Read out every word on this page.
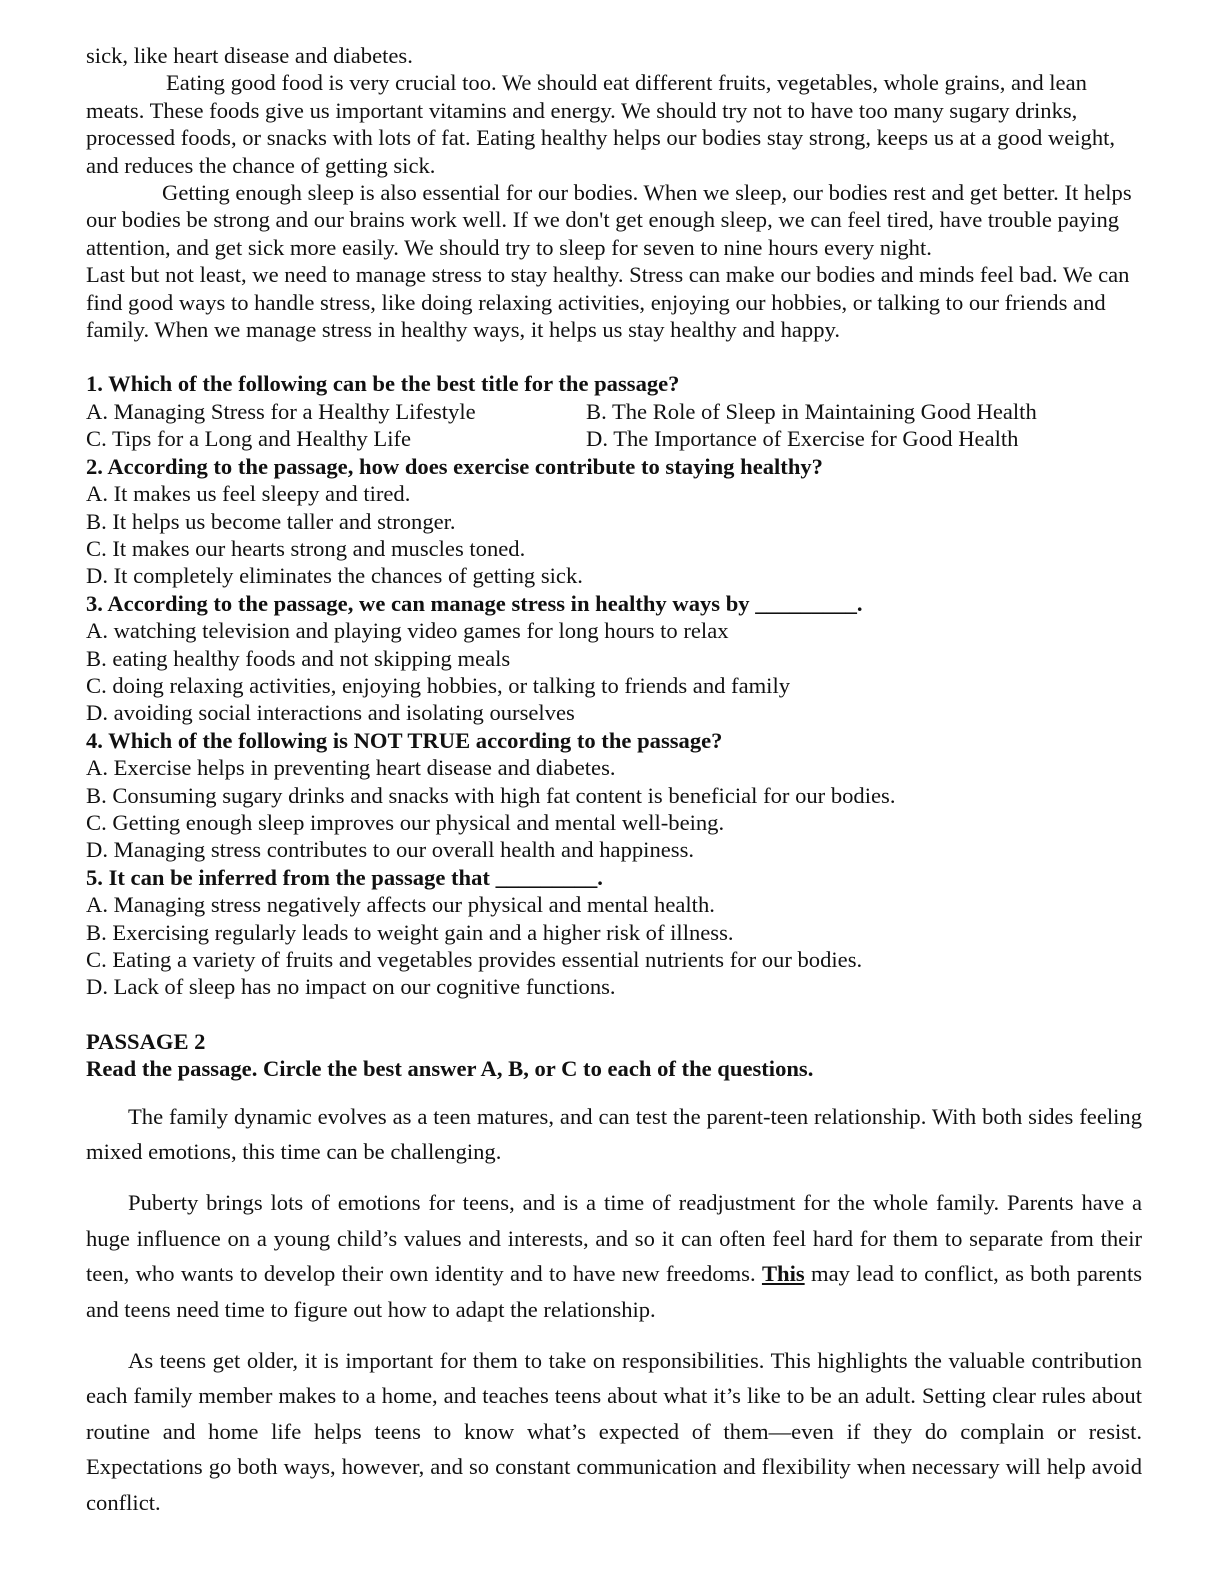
sick, like heart disease and diabetes.

Eating good food is very crucial too. We should eat different fruits, vegetables, whole grains, and lean meats. These foods give us important vitamins and energy. We should try not to have too many sugary drinks, processed foods, or snacks with lots of fat. Eating healthy helps our bodies stay strong, keeps us at a good weight, and reduces the chance of getting sick.

Getting enough sleep is also essential for our bodies. When we sleep, our bodies rest and get better. It helps our bodies be strong and our brains work well. If we don't get enough sleep, we can feel tired, have trouble paying attention, and get sick more easily. We should try to sleep for seven to nine hours every night.

Last but not least, we need to manage stress to stay healthy. Stress can make our bodies and minds feel bad. We can find good ways to handle stress, like doing relaxing activities, enjoying our hobbies, or talking to our friends and family. When we manage stress in healthy ways, it helps us stay healthy and happy.

1. Which of the following can be the best title for the passage?

A. Managing Stress for a Healthy Lifestyle	B. The Role of Sleep in Maintaining Good Health
C. Tips for a Long and Healthy Life	D. The Importance of Exercise for Good Health

2. According to the passage, how does exercise contribute to staying healthy?

A. It makes us feel sleepy and tired.

B. It helps us become taller and stronger.

C. It makes our hearts strong and muscles toned.

D. It completely eliminates the chances of getting sick.

3. According to the passage, we can manage stress in healthy ways by _________.

A. watching television and playing video games for long hours to relax

B. eating healthy foods and not skipping meals

C. doing relaxing activities, enjoying hobbies, or talking to friends and family

D. avoiding social interactions and isolating ourselves

4. Which of the following is NOT TRUE according to the passage?

A. Exercise helps in preventing heart disease and diabetes.

B. Consuming sugary drinks and snacks with high fat content is beneficial for our bodies.

C. Getting enough sleep improves our physical and mental well-being.

D. Managing stress contributes to our overall health and happiness.

5. It can be inferred from the passage that _________.

A. Managing stress negatively affects our physical and mental health.

B. Exercising regularly leads to weight gain and a higher risk of illness.

C. Eating a variety of fruits and vegetables provides essential nutrients for our bodies.

D. Lack of sleep has no impact on our cognitive functions.

PASSAGE 2

Read the passage. Circle the best answer A, B, or C to each of the questions.

The family dynamic evolves as a teen matures, and can test the parent-teen relationship. With both sides feeling mixed emotions, this time can be challenging.

Puberty brings lots of emotions for teens, and is a time of readjustment for the whole family. Parents have a huge influence on a young child’s values and interests, and so it can often feel hard for them to separate from their teen, who wants to develop their own identity and to have new freedoms. This may lead to conflict, as both parents and teens need time to figure out how to adapt the relationship.

As teens get older, it is important for them to take on responsibilities. This highlights the valuable contribution each family member makes to a home, and teaches teens about what it’s like to be an adult. Setting clear rules about routine and home life helps teens to know what’s expected of them—even if they do complain or resist. Expectations go both ways, however, and so constant communication and flexibility when necessary will help avoid conflict.
